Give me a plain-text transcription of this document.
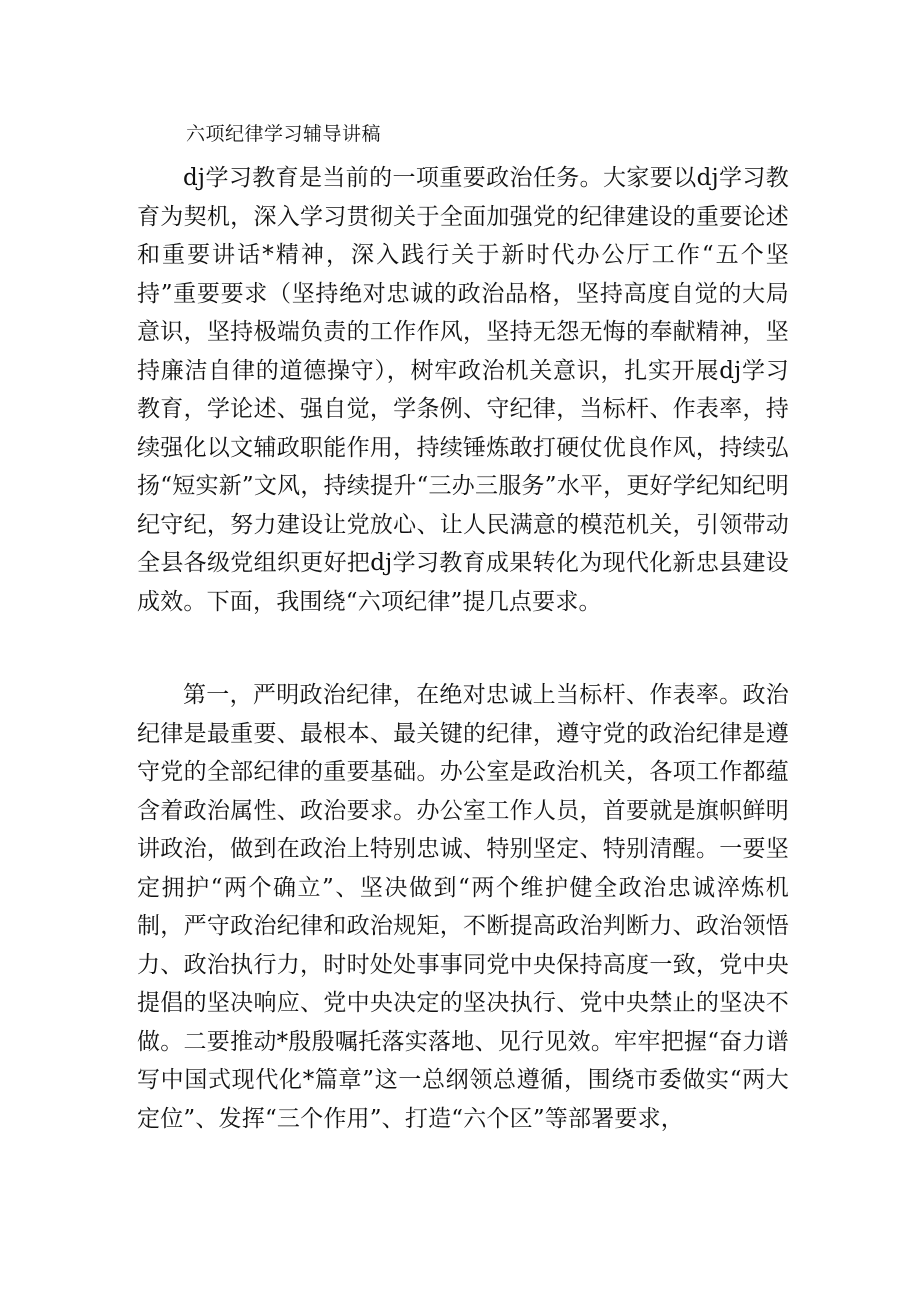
六项纪律学习辅导讲稿

dj学习教育是当前的一项重要政治任务。大家要以dj学习教育为契机，深入学习贯彻关于全面加强党的纪律建设的重要论述和重要讲话*精神，深入践行关于新时代办公厅工作“五个坚持”重要要求（坚持绝对忠诚的政治品格，坚持高度自觉的大局意识，坚持极端负责的工作作风，坚持无怨无悔的奉献精神，坚持廉洁自律的道德操守），树牢政治机关意识，扎实开展dj学习教育，学论述、强自觉，学条例、守纪律，当标杆、作表率，持续强化以文辅政职能作用，持续锤炼敢打硬仗优良作风，持续弘扬“短实新”文风，持续提升“三办三服务”水平，更好学纪知纪明纪守纪，努力建设让党放心、让人民满意的模范机关，引领带动全县各级党组织更好把dj学习教育成果转化为现代化新忠县建设成效。下面，我围绕“六项纪律”提几点要求。

第一，严明政治纪律，在绝对忠诚上当标杆、作表率。政治纪律是最重要、最根本、最关键的纪律，遵守党的政治纪律是遵守党的全部纪律的重要基础。办公室是政治机关，各项工作都蕴含着政治属性、政治要求。办公室工作人员，首要就是旗帜鲜明讲政治，做到在政治上特别忠诚、特别坚定、特别清醒。一要坚定拥护“两个确立”、坚决做到“两个维护健全政治忠诚淬炼机制，严守政治纪律和政治规矩，不断提高政治判断力、政治领悟力、政治执行力，时时处处事事同党中央保持高度一致，党中央提倡的坚决响应、党中央决定的坚决执行、党中央禁止的坚决不做。二要推动*殷殷嘱托落实落地、见行见效。牢牢把握“奋力谱写中国式现代化*篇章”这一总纲领总遵循，围绕市委做实“两大定位”、发挥“三个作用”、打造“六个区”等部署要求，
